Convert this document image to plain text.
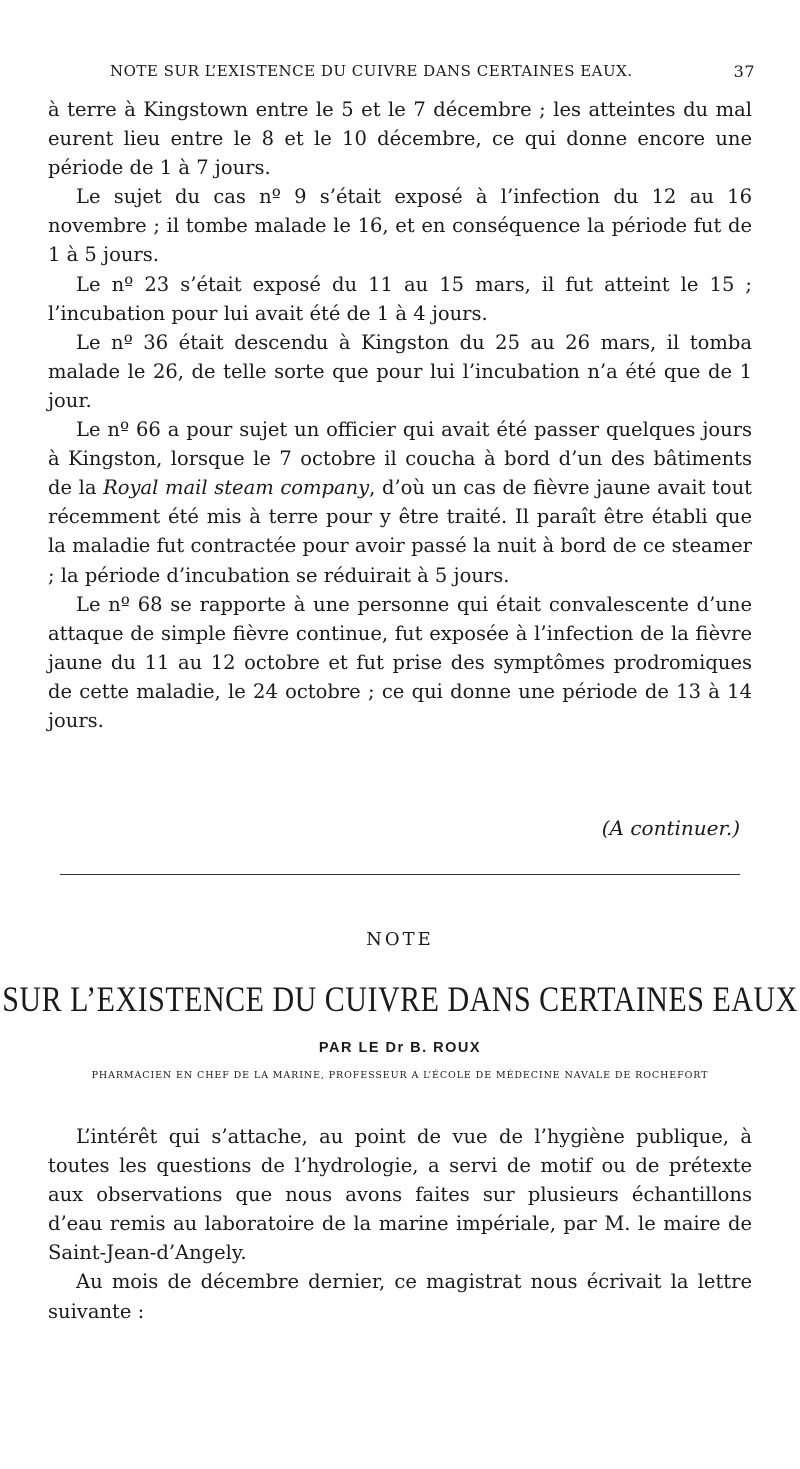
NOTE SUR L’EXISTENCE DU CUIVRE DANS CERTAINES EAUX.	37

à terre à Kingstown entre le 5 et le 7 décembre ; les atteintes du mal eurent lieu entre le 8 et le 10 décembre, ce qui donne encore une période de 1 à 7 jours.

Le sujet du cas nº 9 s’était exposé à l’infection du 12 au 16 novembre ; il tombe malade le 16, et en conséquence la période fut de 1 à 5 jours.

Le nº 23 s’était exposé du 11 au 15 mars, il fut atteint le 15 ; l’incubation pour lui avait été de 1 à 4 jours.

Le nº 36 était descendu à Kingston du 25 au 26 mars, il tomba malade le 26, de telle sorte que pour lui l’incubation n’a été que de 1 jour.

Le nº 66 a pour sujet un officier qui avait été passer quelques jours à Kingston, lorsque le 7 octobre il coucha à bord d’un des bâtiments de la Royal mail steam company, d’où un cas de fièvre jaune avait tout récemment été mis à terre pour y être traité. Il paraît être établi que la maladie fut contractée pour avoir passé la nuit à bord de ce steamer ; la période d’incubation se réduirait à 5 jours.

Le nº 68 se rapporte à une personne qui était convalescente d’une attaque de simple fièvre continue, fut exposée à l’infection de la fièvre jaune du 11 au 12 octobre et fut prise des symptômes prodromiques de cette maladie, le 24 octobre ; ce qui donne une période de 13 à 14 jours.

(A continuer.)
NOTE
SUR L’EXISTENCE DU CUIVRE DANS CERTAINES EAUX
PAR LE Dr B. ROUX
PHARMACIEN EN CHEF DE LA MARINE, PROFESSEUR A L’ÉCOLE DE MÉDECINE NAVALE DE ROCHEFORT

L’intérêt qui s’attache, au point de vue de l’hygiène publique, à toutes les questions de l’hydrologie, a servi de motif ou de prétexte aux observations que nous avons faites sur plusieurs échantillons d’eau remis au laboratoire de la marine impériale, par M. le maire de Saint-Jean-d’Angely.

Au mois de décembre dernier, ce magistrat nous écrivait la lettre suivante :
